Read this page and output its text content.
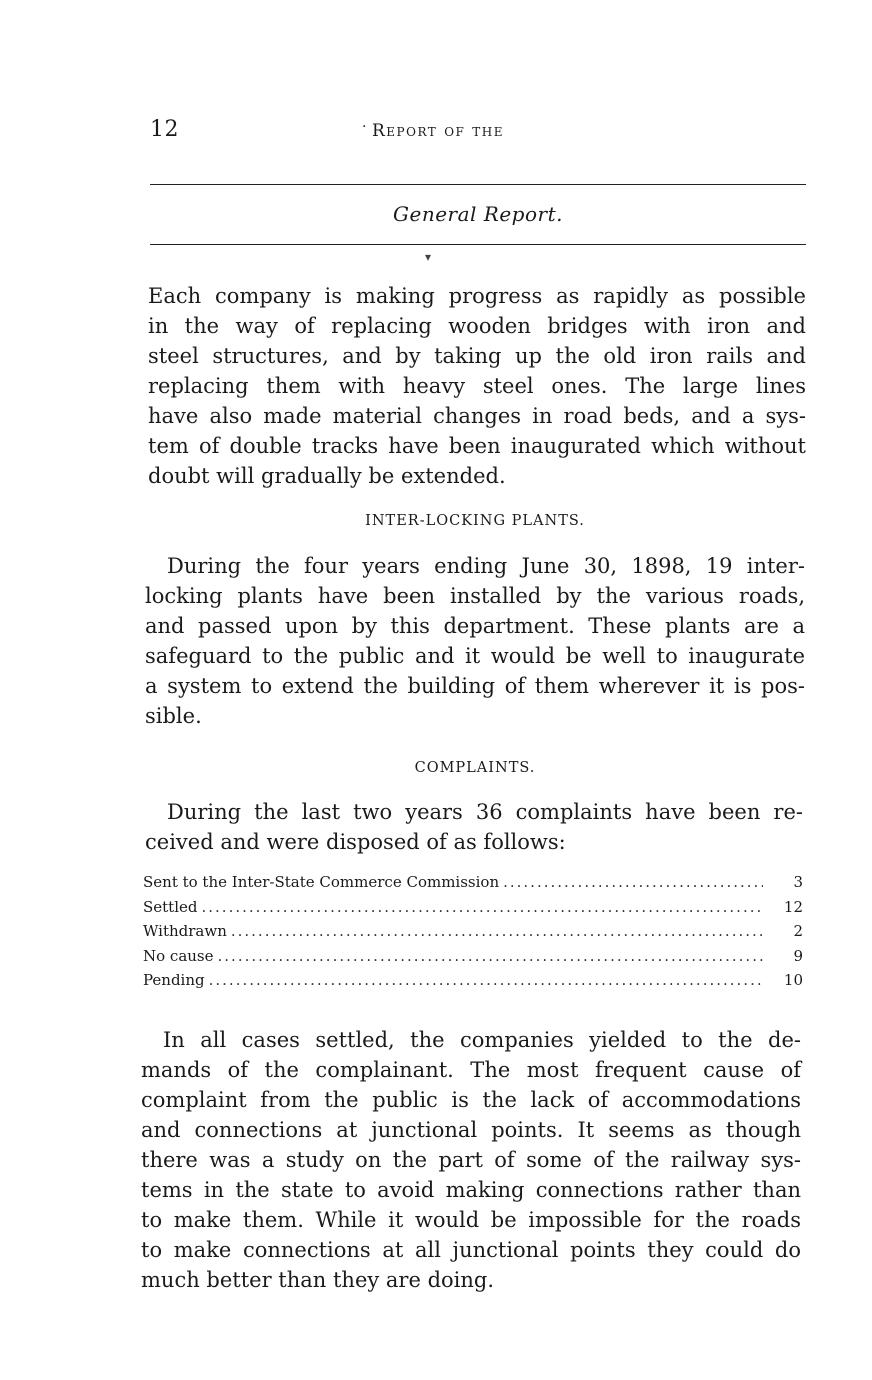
12	· Report of the
General Report.
▾
Each company is making progress as rapidly as possible
in the way of replacing wooden bridges with iron and
steel structures, and by taking up the old iron rails and
replacing them with heavy steel ones. The large lines
have also made material changes in road beds, and a sys-
tem of double tracks have been inaugurated which without
doubt will gradually be extended.
INTER-LOCKING PLANTS.
During the four years ending June 30, 1898, 19 inter-
locking plants have been installed by the various roads,
and passed upon by this department. These plants are a
safeguard to the public and it would be well to inaugurate
a system to extend the building of them wherever it is pos-
sible.
COMPLAINTS.
During the last two years 36 complaints have been re-
ceived and were disposed of as follows:
Sent to the Inter-State Commerce Commission .....	3
Settled .....	12
Withdrawn .....	2
No cause .....	9
Pending .....	10
In all cases settled, the companies yielded to the de-
mands of the complainant. The most frequent cause of
complaint from the public is the lack of accommodations
and connections at junctional points. It seems as though
there was a study on the part of some of the railway sys-
tems in the state to avoid making connections rather than
to make them. While it would be impossible for the roads
to make connections at all junctional points they could do
much better than they are doing.
